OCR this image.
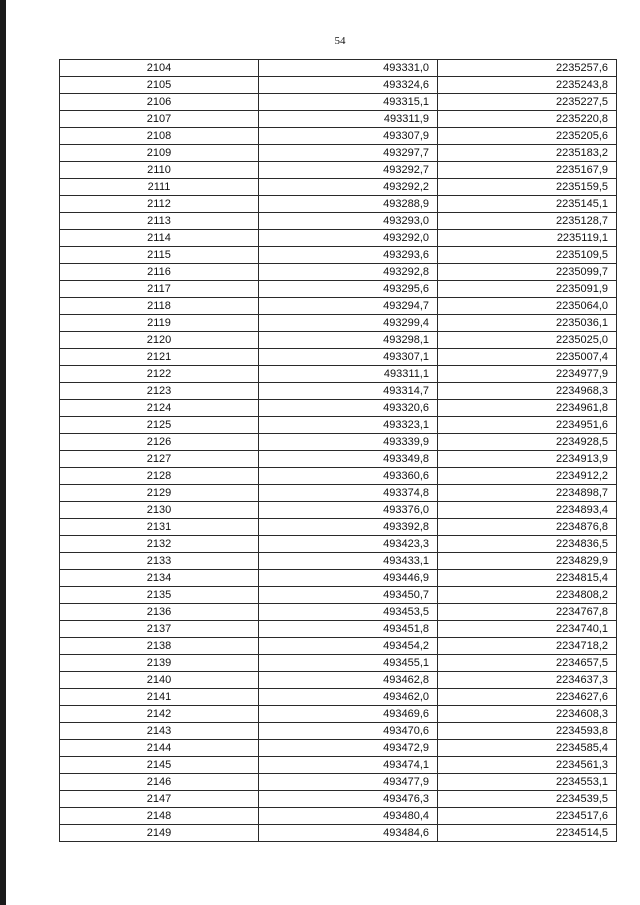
54
2104	493331,0	2235257,6
2105	493324,6	2235243,8
2106	493315,1	2235227,5
2107	493311,9	2235220,8
2108	493307,9	2235205,6
2109	493297,7	2235183,2
2110	493292,7	2235167,9
2111	493292,2	2235159,5
2112	493288,9	2235145,1
2113	493293,0	2235128,7
2114	493292,0	2235119,1
2115	493293,6	2235109,5
2116	493292,8	2235099,7
2117	493295,6	2235091,9
2118	493294,7	2235064,0
2119	493299,4	2235036,1
2120	493298,1	2235025,0
2121	493307,1	2235007,4
2122	493311,1	2234977,9
2123	493314,7	2234968,3
2124	493320,6	2234961,8
2125	493323,1	2234951,6
2126	493339,9	2234928,5
2127	493349,8	2234913,9
2128	493360,6	2234912,2
2129	493374,8	2234898,7
2130	493376,0	2234893,4
2131	493392,8	2234876,8
2132	493423,3	2234836,5
2133	493433,1	2234829,9
2134	493446,9	2234815,4
2135	493450,7	2234808,2
2136	493453,5	2234767,8
2137	493451,8	2234740,1
2138	493454,2	2234718,2
2139	493455,1	2234657,5
2140	493462,8	2234637,3
2141	493462,0	2234627,6
2142	493469,6	2234608,3
2143	493470,6	2234593,8
2144	493472,9	2234585,4
2145	493474,1	2234561,3
2146	493477,9	2234553,1
2147	493476,3	2234539,5
2148	493480,4	2234517,6
2149	493484,6	2234514,5
